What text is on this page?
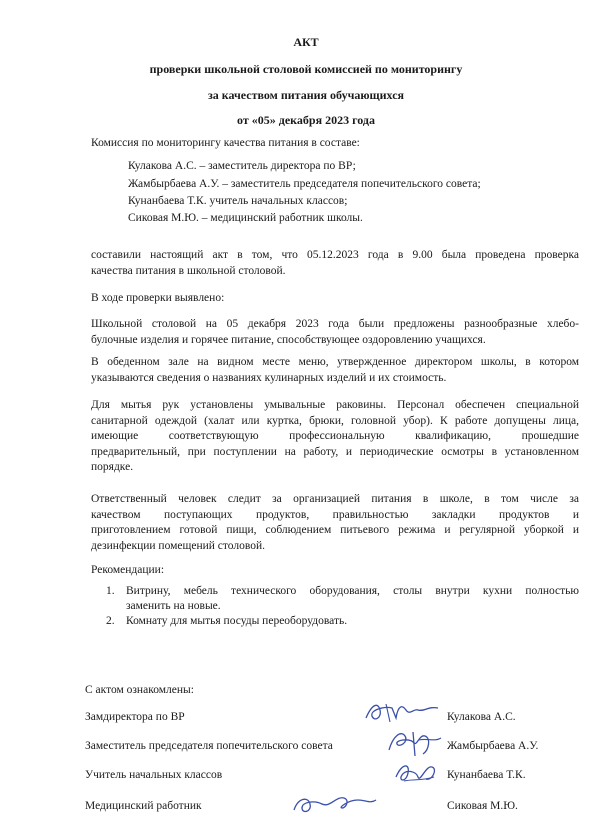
АКТ
проверки школьной столовой комиссией по мониторингу
за качеством питания обучающихся
от «05» декабря 2023 года
Комиссия по мониторингу качества питания в составе:
Кулакова А.С. – заместитель директора по ВР;
Жамбырбаева А.У. – заместитель председателя попечительского совета;
Кунанбаева Т.К. учитель начальных классов;
Сиковая М.Ю. – медицинский работник школы.
составили настоящий акт в том, что 05.12.2023 года в 9.00 была проведена проверка
качества питания в школьной столовой.
В ходе проверки выявлено:
Школьной столовой на 05 декабря 2023 года были предложены разнообразные хлебо-
булочные изделия и горячее питание, способствующее оздоровлению учащихся.
В обеденном зале на видном месте меню, утвержденное директором школы, в котором
указываются сведения о названиях кулинарных изделий и их стоимость.
Для мытья рук установлены умывальные раковины. Персонал обеспечен специальной
санитарной одеждой (халат или куртка, брюки, головной убор). К работе допущены лица,
имеющие соответствующую профессиональную квалификацию, прошедшие
предварительный, при поступлении на работу, и периодические осмотры в установленном
порядке.
Ответственный человек следит за организацией питания в школе, в том числе за
качеством поступающих продуктов, правильностью закладки продуктов и
приготовлением готовой пищи, соблюдением питьевого режима и регулярной уборкой и
дезинфекции помещений столовой.
Рекомендации:
1. Витрину, мебель технического оборудования, столы внутри кухни полностью
заменить на новые.
2. Комнату для мытья посуды переоборудовать.
С актом ознакомлены:
Замдиректора по ВР	Кулакова А.С.
Заместитель председателя попечительского совета	Жамбырбаева А.У.
Учитель начальных классов	Кунанбаева Т.К.
Медицинский работник	Сиковая М.Ю.
